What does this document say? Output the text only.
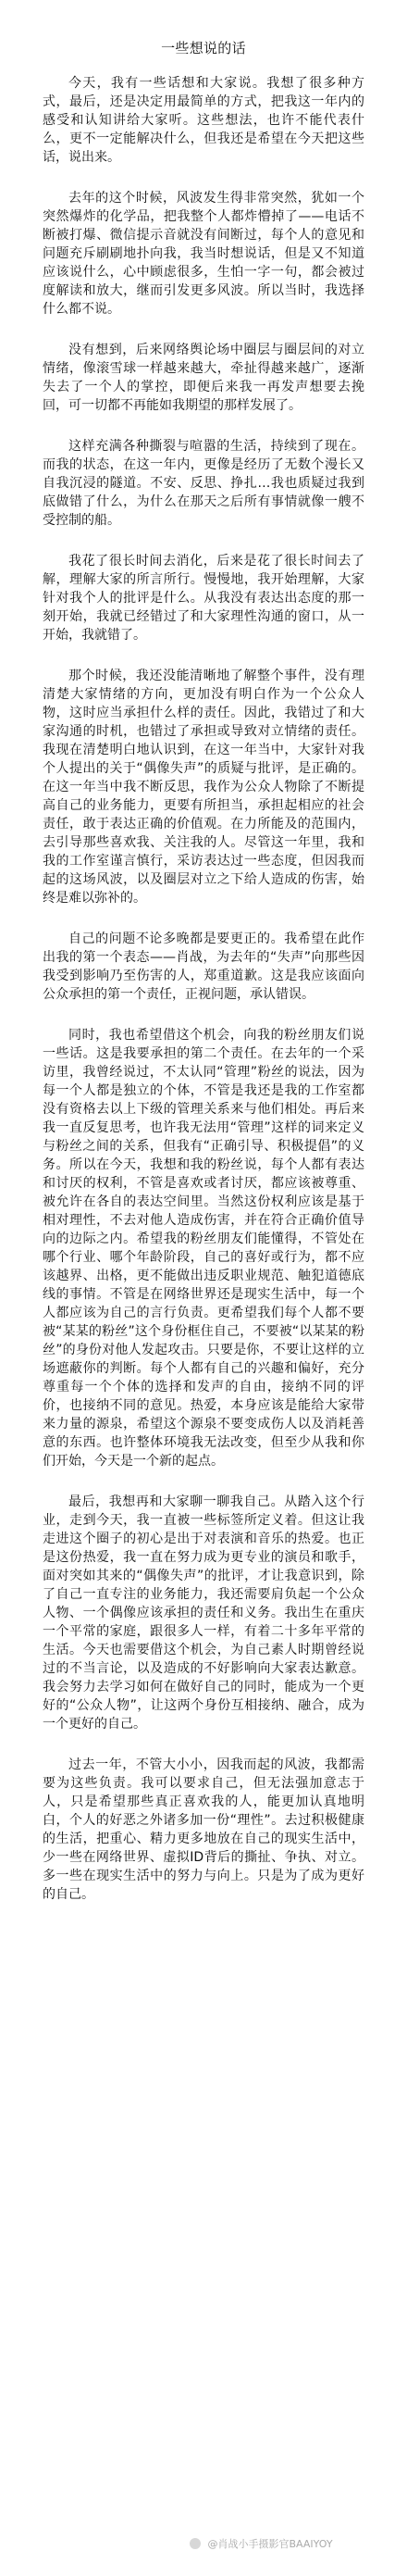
一些想说的话

今天，我有一些话想和大家说。我想了很多种方式，最后，还是决定用最简单的方式，把我这一年内的感受和认知讲给大家听。这些想法，也许不能代表什么，更不一定能解决什么，但我还是希望在今天把这些话，说出来。

去年的这个时候，风波发生得非常突然，犹如一个突然爆炸的化学品，把我整个人都炸懵掉了——电话不断被打爆、微信提示音就没有间断过，每个人的意见和问题充斥刷刷地扑向我，我当时想说话，但是又不知道应该说什么，心中顾虑很多，生怕一字一句，都会被过度解读和放大，继而引发更多风波。所以当时，我选择什么都不说。

没有想到，后来网络舆论场中圈层与圈层间的对立情绪，像滚雪球一样越来越大，牵扯得越来越广，逐渐失去了一个人的掌控，即便后来我一再发声想要去挽回，可一切都不再能如我期望的那样发展了。

这样充满各种撕裂与喧嚣的生活，持续到了现在。而我的状态，在这一年内，更像是经历了无数个漫长又自我沉浸的隧道。不安、反思、挣扎…我也质疑过我到底做错了什么，为什么在那天之后所有事情就像一艘不受控制的船。

我花了很长时间去消化，后来是花了很长时间去了解，理解大家的所言所行。慢慢地，我开始理解，大家针对我个人的批评是什么。从我没有表达出态度的那一刻开始，我就已经错过了和大家理性沟通的窗口，从一开始，我就错了。

那个时候，我还没能清晰地了解整个事件，没有理清楚大家情绪的方向，更加没有明白作为一个公众人物，这时应当承担什么样的责任。因此，我错过了和大家沟通的时机，也错过了承担或导致对立情绪的责任。我现在清楚明白地认识到，在这一年当中，大家针对我个人提出的关于“偶像失声”的质疑与批评，是正确的。在这一年当中我不断反思，我作为公众人物除了不断提高自己的业务能力，更要有所担当，承担起相应的社会责任，敢于表达正确的价值观。在力所能及的范围内，去引导那些喜欢我、关注我的人。尽管这一年里，我和我的工作室谨言慎行，采访表达过一些态度，但因我而起的这场风波，以及圈层对立之下给人造成的伤害，始终是难以弥补的。

自己的问题不论多晚都是要更正的。我希望在此作出我的第一个表态——肖战，为去年的“失声”向那些因我受到影响乃至伤害的人，郑重道歉。这是我应该面向公众承担的第一个责任，正视问题，承认错误。

同时，我也希望借这个机会，向我的粉丝朋友们说一些话。这是我要承担的第二个责任。在去年的一个采访里，我曾经说过，不太认同“管理”粉丝的说法，因为每一个人都是独立的个体，不管是我还是我的工作室都没有资格去以上下级的管理关系来与他们相处。再后来我一直反复思考，也许我无法用“管理”这样的词来定义与粉丝之间的关系，但我有“正确引导、积极提倡”的义务。所以在今天，我想和我的粉丝说，每个人都有表达和讨厌的权利，不管是喜欢或者讨厌，都应该被尊重、被允许在各自的表达空间里。当然这份权利应该是基于相对理性，不去对他人造成伤害，并在符合正确价值导向的边际之内。希望我的粉丝朋友们能懂得，不管处在哪个行业、哪个年龄阶段，自己的喜好或行为，都不应该越界、出格，更不能做出违反职业规范、触犯道德底线的事情。不管是在网络世界还是现实生活中，每一个人都应该为自己的言行负责。更希望我们每个人都不要被“某某的粉丝”这个身份框住自己，不要被“以某某的粉丝”的身份对他人发起攻击。只要是你，不要让这样的立场遮蔽你的判断。每个人都有自己的兴趣和偏好，充分尊重每一个个体的选择和发声的自由，接纳不同的评价，也接纳不同的意见。热爱，本身应该是能给大家带来力量的源泉，希望这个源泉不要变成伤人以及消耗善意的东西。也许整体环境我无法改变，但至少从我和你们开始，今天是一个新的起点。

最后，我想再和大家聊一聊我自己。从踏入这个行业，走到今天，我一直被一些标签所定义着。但这让我走进这个圈子的初心是出于对表演和音乐的热爱。也正是这份热爱，我一直在努力成为更专业的演员和歌手，面对突如其来的“偶像失声”的批评，才让我意识到，除了自己一直专注的业务能力，我还需要肩负起一个公众人物、一个偶像应该承担的责任和义务。我出生在重庆一个平常的家庭，跟很多人一样，有着二十多年平常的生活。今天也需要借这个机会，为自己素人时期曾经说过的不当言论，以及造成的不好影响向大家表达歉意。我会努力去学习如何在做好自己的同时，能成为一个更好的“公众人物”，让这两个身份互相接纳、融合，成为一个更好的自己。

过去一年，不管大小小，因我而起的风波，我都需要为这些负责。我可以要求自己，但无法强加意志于人，只是希望那些真正喜欢我的人，能更加认真地明白，个人的好恶之外诸多加一份“理性”。去过积极健康的生活，把重心、精力更多地放在自己的现实生活中，少一些在网络世界、虚拟ID背后的撕扯、争执、对立。多一些在现实生活中的努力与向上。只是为了成为更好的自己。

@肖战小手摄影官BAAIYOY
